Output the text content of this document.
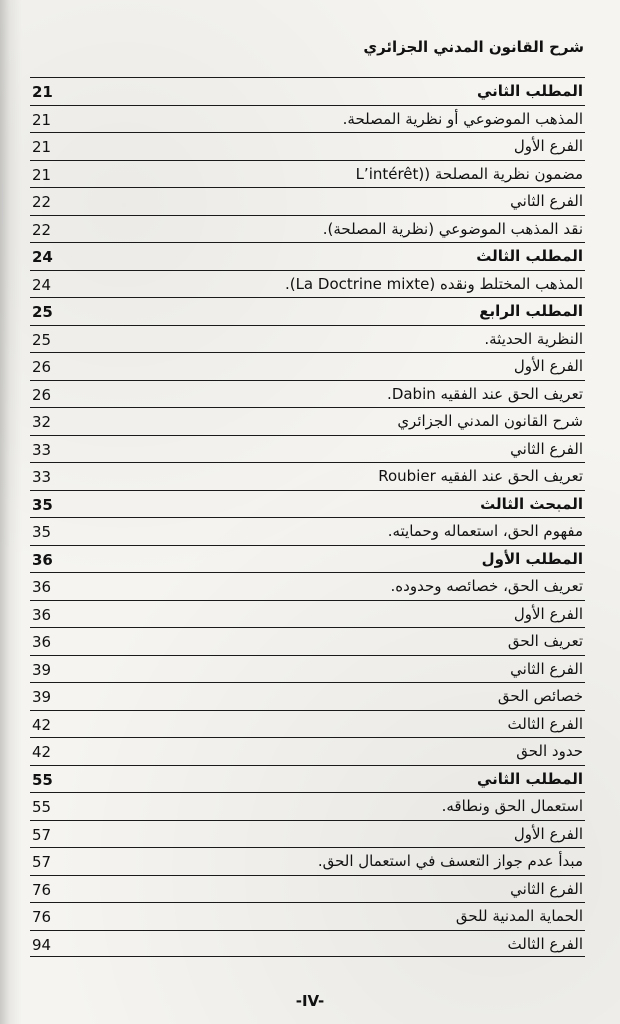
شرح القانون المدني الجزائري
المطلب الثاني
21
المذهب الموضوعي أو نظرية المصلحة.
21
الفرع الأول
21
مضمون نظرية المصلحة ((L’intérêt
21
الفرع الثاني
22
نقد المذهب الموضوعي (نظرية المصلحة).
22
المطلب الثالث
24
المذهب المختلط ونقده (La Doctrine mixte).
24
المطلب الرابع
25
النظرية الحديثة.
25
الفرع الأول
26
تعريف الحق عند الفقيه Dabin.
26
شرح القانون المدني الجزائري
32
الفرع الثاني
33
تعريف الحق عند الفقيه Roubier
33
المبحث الثالث
35
مفهوم الحق، استعماله وحمايته.
35
المطلب الأول
36
تعريف الحق، خصائصه وحدوده.
36
الفرع الأول
36
تعريف الحق
36
الفرع الثاني
39
خصائص الحق
39
الفرع الثالث
42
حدود الحق
42
المطلب الثاني
55
استعمال الحق ونطاقه.
55
الفرع الأول
57
مبدأ عدم جواز التعسف في استعمال الحق.
57
الفرع الثاني
76
الحماية المدنية للحق
76
الفرع الثالث
94
-IV-
